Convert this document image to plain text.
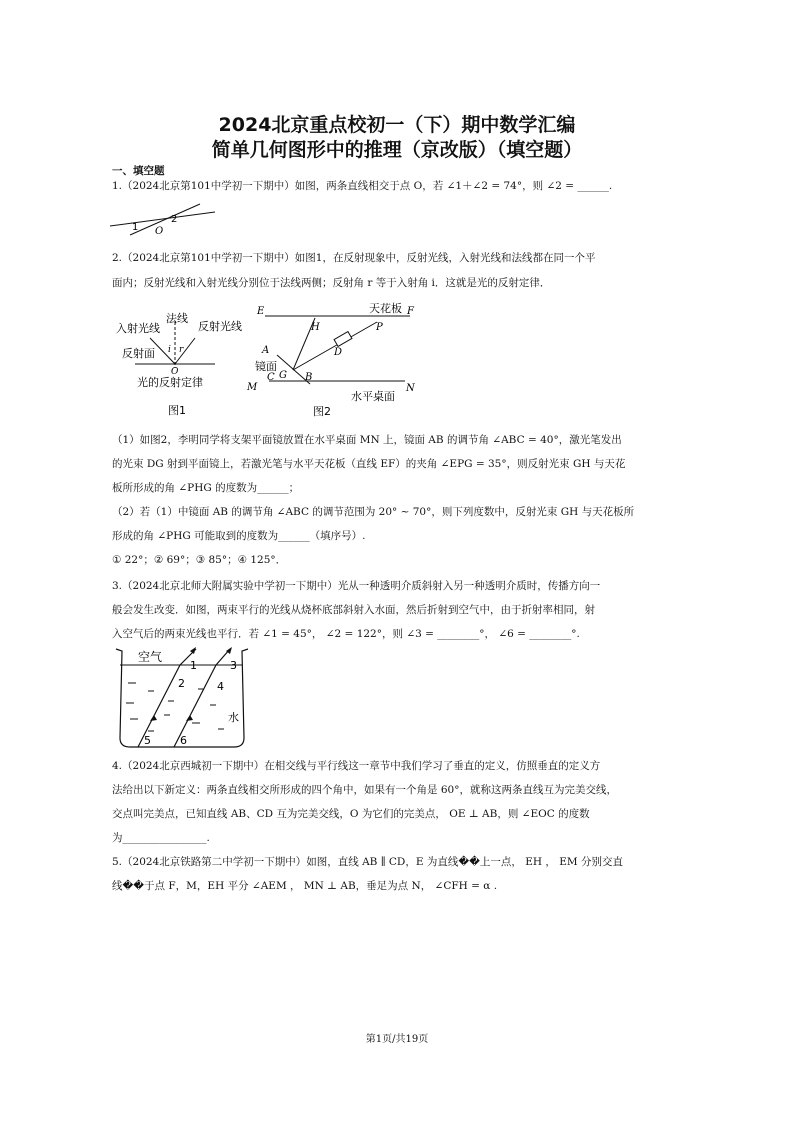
2024北京重点校初一（下）期中数学汇编
简单几何图形中的推理（京改版）（填空题）
一、填空题
1.（2024北京第101中学初一下期中）如图，两条直线相交于点 O，若 ∠1＋∠2 = 74°，则 ∠2 = ______.
1
2
O
2.（2024北京第101中学初一下期中）如图1，在反射现象中，反射光线，入射光线和法线都在同一个平
面内；反射光线和入射光线分别位于法线两侧；反射角 r 等于入射角 i．这就是光的反射定律．
入射光线
法线
反射光线
反射面 i r
O
光的反射定律
图1
E	天花板 F
H	P
D
A
镜面
C G B
M	N
水平桌面
图2
（1）如图2，李明同学将支架平面镜放置在水平桌面 MN 上，镜面 AB 的调节角 ∠ABC = 40°，激光笔发出
的光束 DG 射到平面镜上，若激光笔与水平天花板（直线 EF）的夹角 ∠EPG = 35°，则反射光束 GH 与天花
板所形成的角 ∠PHG 的度数为______；
（2）若（1）中镜面 AB 的调节角 ∠ABC 的调节范围为 20° ~ 70°，则下列度数中，反射光束 GH 与天花板所
形成的角 ∠PHG 可能取到的度数为______（填序号）.
① 22°；② 69°；③ 85°；④ 125°．
3.（2024北京北师大附属实验中学初一下期中）光从一种透明介质斜射入另一种透明介质时，传播方向一
般会发生改变．如图，两束平行的光线从烧杯底部斜射入水面，然后折射到空气中，由于折射率相同，射
入空气后的两束光线也平行．若 ∠1 = 45°， ∠2 = 122°，则 ∠3 = ________°， ∠6 = ________°.
空气
1
2
3
4
5	6
水
4.（2024北京西城初一下期中）在相交线与平行线这一章节中我们学习了垂直的定义，仿照垂直的定义方
法给出以下新定义：两条直线相交所形成的四个角中，如果有一个角是 60°，就称这两条直线互为完美交线，
交点叫完美点，已知直线 AB、CD 互为完美交线，O 为它们的完美点， OE ⊥ AB，则 ∠EOC 的度数
为________________.
5.（2024北京铁路第二中学初一下期中）如图，直线 AB ∥ CD，E 为直线��上一点， EH ， EM 分别交直
线��于点 F，M，EH 平分 ∠AEM ， MN ⊥ AB，垂足为点 N， ∠CFH = α .
第1页/共19页
